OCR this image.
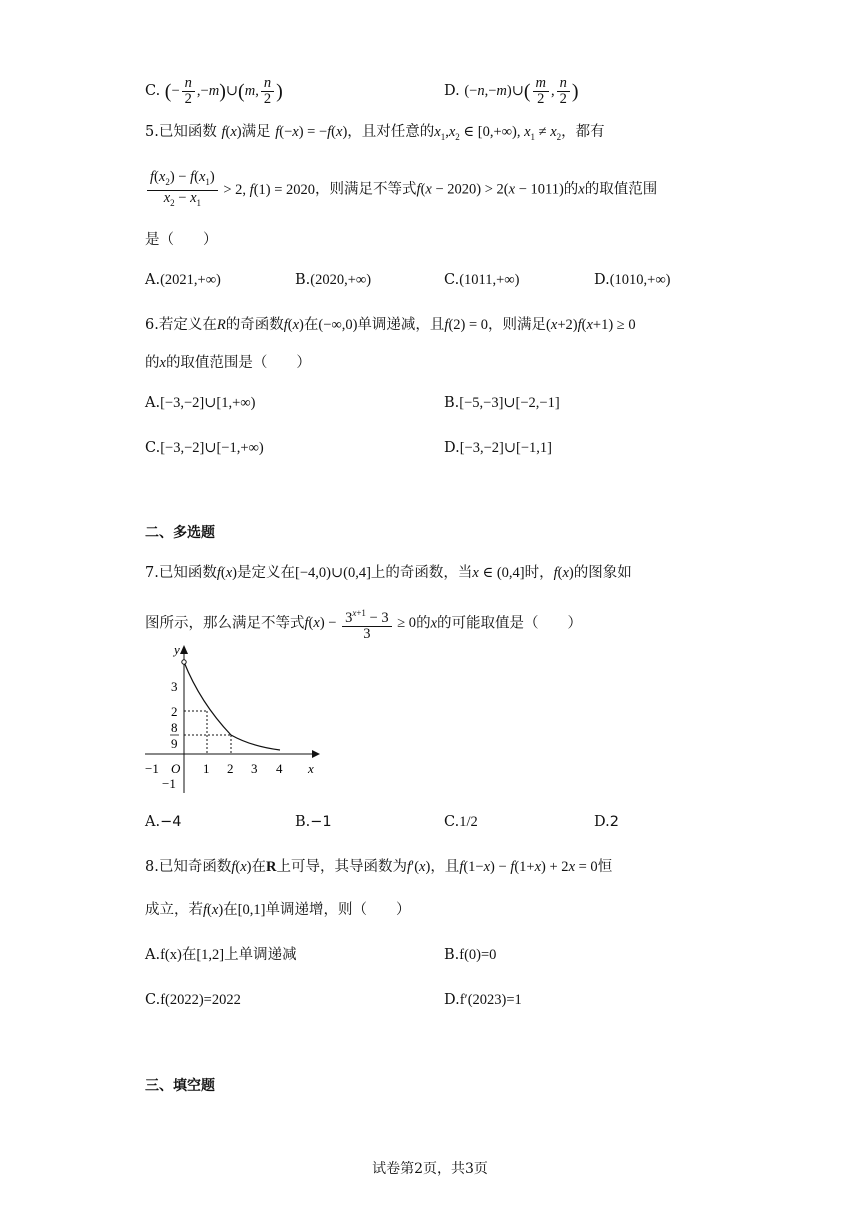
C. (− $\frac{n}{2}$ ,−m)∪(m, $\frac{n}{2}$ )	D. (−n,−m)∪( $\frac{m}{2}$ , $\frac{n}{2}$ )
5.已知函数 f(x)满足 f(−x) = −f(x)，且对任意的$x_1,x_2$ ∈ [0,+∞), $x_1 \ne x_2$，都有
$\frac{f(x_2) - f(x_1)}{x_2 - x_1} > 2$, f(1) = 2020，则满足不等式f(x − 2020) > 2(x − 1011)的x的取值范围
是（　　）
A.(2021,+∞)	B.(2020,+∞)	C.(1011,+∞)	D.(1010,+∞)
6.若定义在R的奇函数f(x)在(−∞,0)单调递减，且f(2) = 0，则满足(x+2)f(x+1) ≥ 0
的x的取值范围是（　　）
A.[−3,−2]∪[1,+∞)	B.[−5,−3]∪[−2,−1]
C.[−3,−2]∪[−1,+∞)	D.[−3,−2]∪[−1,1]
二、多选题
7.已知函数f(x)是定义在[−4,0)∪(0,4]上的奇函数，当x ∈ (0,4]时，f(x)的图象如
图所示，那么满足不等式$f(x) - \frac{3^{x+1} - 3}{3} \ge 0$的x的可能取值是（　　）
y
x
3
2
8
9
−1
O
−1	1 2 3 4
A.−4	B.−1	C.1/2	D.2
8.已知奇函数f(x)在R上可导，其导函数为f′(x)，且f(1−x) − f(1+x) + 2x = 0恒
成立，若f(x)在[0,1]单调递增，则（　　）
A.f(x)在[1,2]上单调递减	B.f(0)=0
C.f(2022)=2022	D.f′(2023)=1
三、填空题
试卷第2页，共3页
